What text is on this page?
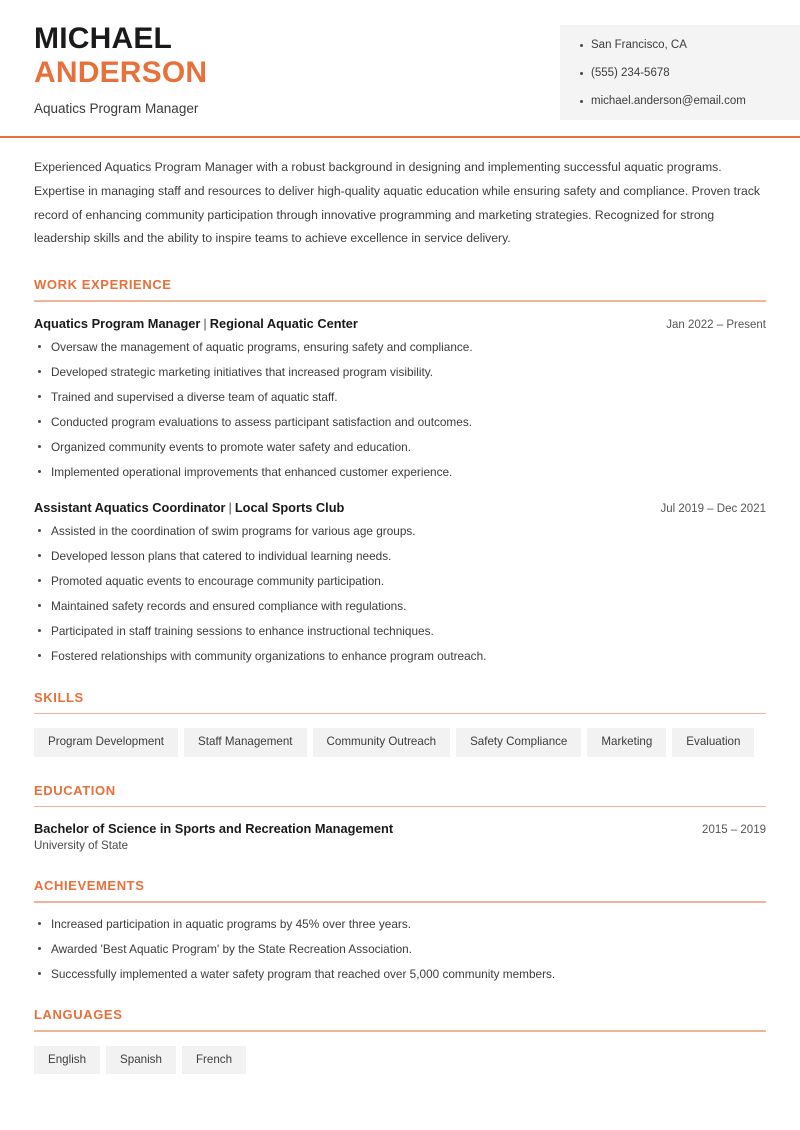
MICHAEL
ANDERSON
Aquatics Program Manager
San Francisco, CA
(555) 234-5678
michael.anderson@email.com

Experienced Aquatics Program Manager with a robust background in designing and implementing successful aquatic programs. Expertise in managing staff and resources to deliver high-quality aquatic education while ensuring safety and compliance. Proven track record of enhancing community participation through innovative programming and marketing strategies. Recognized for strong leadership skills and the ability to inspire teams to achieve excellence in service delivery.

WORK EXPERIENCE
Aquatics Program Manager | Regional Aquatic Center	Jan 2022 – Present
Oversaw the management of aquatic programs, ensuring safety and compliance.
Developed strategic marketing initiatives that increased program visibility.
Trained and supervised a diverse team of aquatic staff.
Conducted program evaluations to assess participant satisfaction and outcomes.
Organized community events to promote water safety and education.
Implemented operational improvements that enhanced customer experience.
Assistant Aquatics Coordinator | Local Sports Club	Jul 2019 – Dec 2021
Assisted in the coordination of swim programs for various age groups.
Developed lesson plans that catered to individual learning needs.
Promoted aquatic events to encourage community participation.
Maintained safety records and ensured compliance with regulations.
Participated in staff training sessions to enhance instructional techniques.
Fostered relationships with community organizations to enhance program outreach.
SKILLS
Program Development	Staff Management	Community Outreach	Safety Compliance	Marketing	Evaluation
EDUCATION
Bachelor of Science in Sports and Recreation Management	2015 – 2019
University of State
ACHIEVEMENTS
Increased participation in aquatic programs by 45% over three years.
Awarded 'Best Aquatic Program' by the State Recreation Association.
Successfully implemented a water safety program that reached over 5,000 community members.
LANGUAGES
English	Spanish	French
